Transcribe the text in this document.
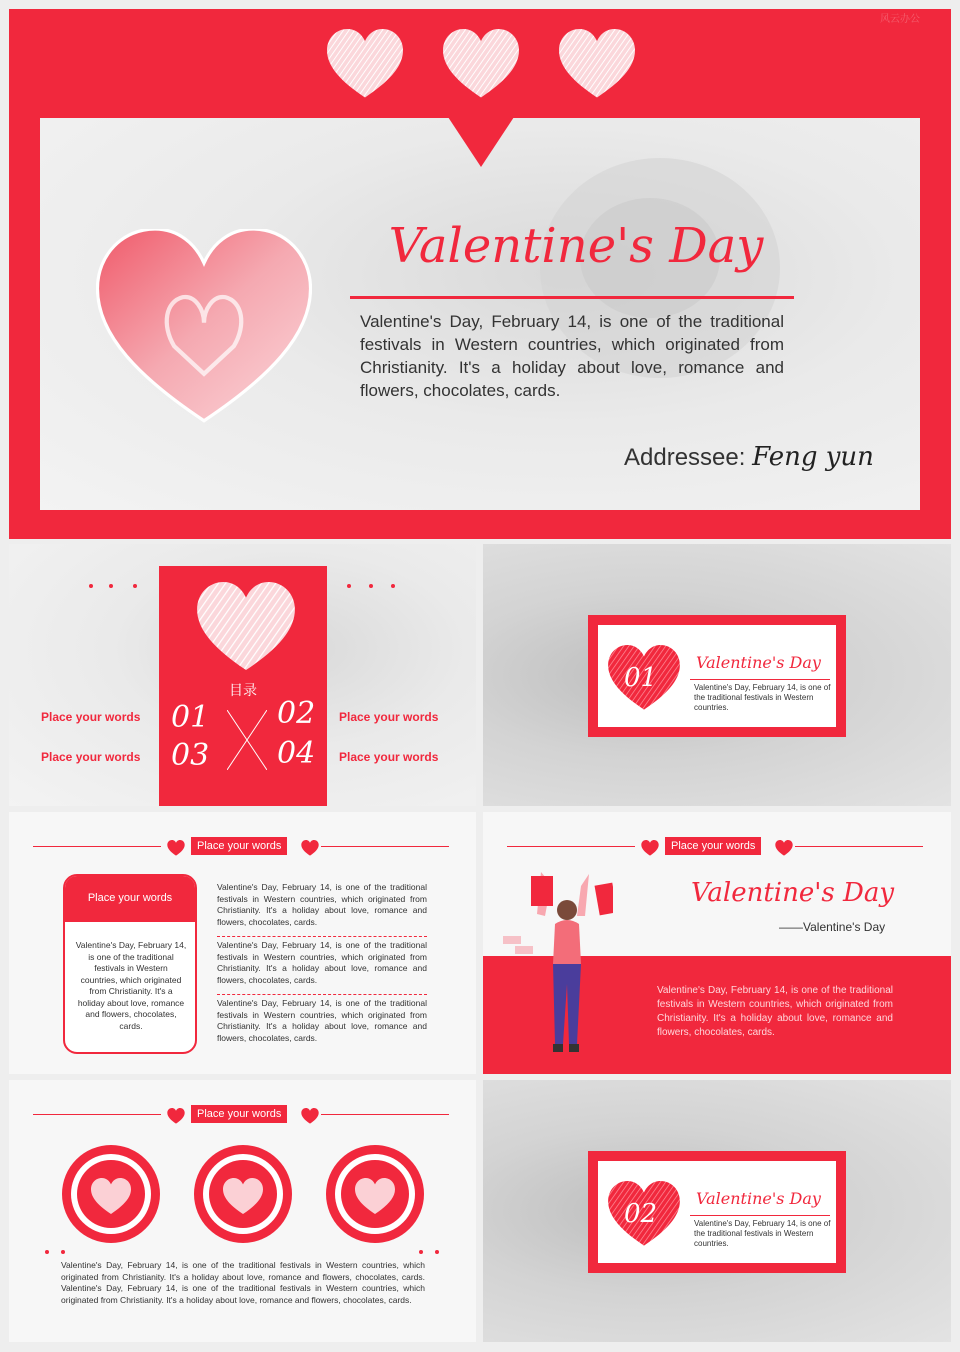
Valentine's Day
Valentine's Day, February 14, is one of the traditional festivals in Western countries, which originated from Christianity. It's a holiday about love, romance and flowers, chocolates, cards.
Addressee: Feng yun
目录
01 02
03 04
Place your words
Place your words
Place your words
Place your words
01
Valentine's Day
Valentine's Day, February 14, is one of the traditional festivals in Western countries.
Place your words
Place your words
Valentine's Day, February 14, is one of the traditional festivals in Western countries, which originated from Christianity. It's a holiday about love, romance and flowers, chocolates, cards.
Valentine's Day, February 14, is one of the traditional festivals in Western countries, which originated from Christianity. It's a holiday about love, romance and flowers, chocolates, cards.
Valentine's Day, February 14, is one of the traditional festivals in Western countries, which originated from Christianity. It's a holiday about love, romance and flowers, chocolates, cards.
Valentine's Day, February 14, is one of the traditional festivals in Western countries, which originated from Christianity. It's a holiday about love, romance and flowers, chocolates, cards.
Place your words
Valentine's Day
——Valentine's Day
Valentine's Day, February 14, is one of the traditional festivals in Western countries, which originated from Christianity. It's a holiday about love, romance and flowers, chocolates, cards.
Place your words
Valentine's Day, February 14, is one of the traditional festivals in Western countries, which originated from Christianity. It's a holiday about love, romance and flowers, chocolates, cards. Valentine's Day, February 14, is one of the traditional festivals in Western countries, which originated from Christianity. It's a holiday about love, romance and flowers, chocolates, cards.
02
Valentine's Day
Valentine's Day, February 14, is one of the traditional festivals in Western countries.
风云办公
